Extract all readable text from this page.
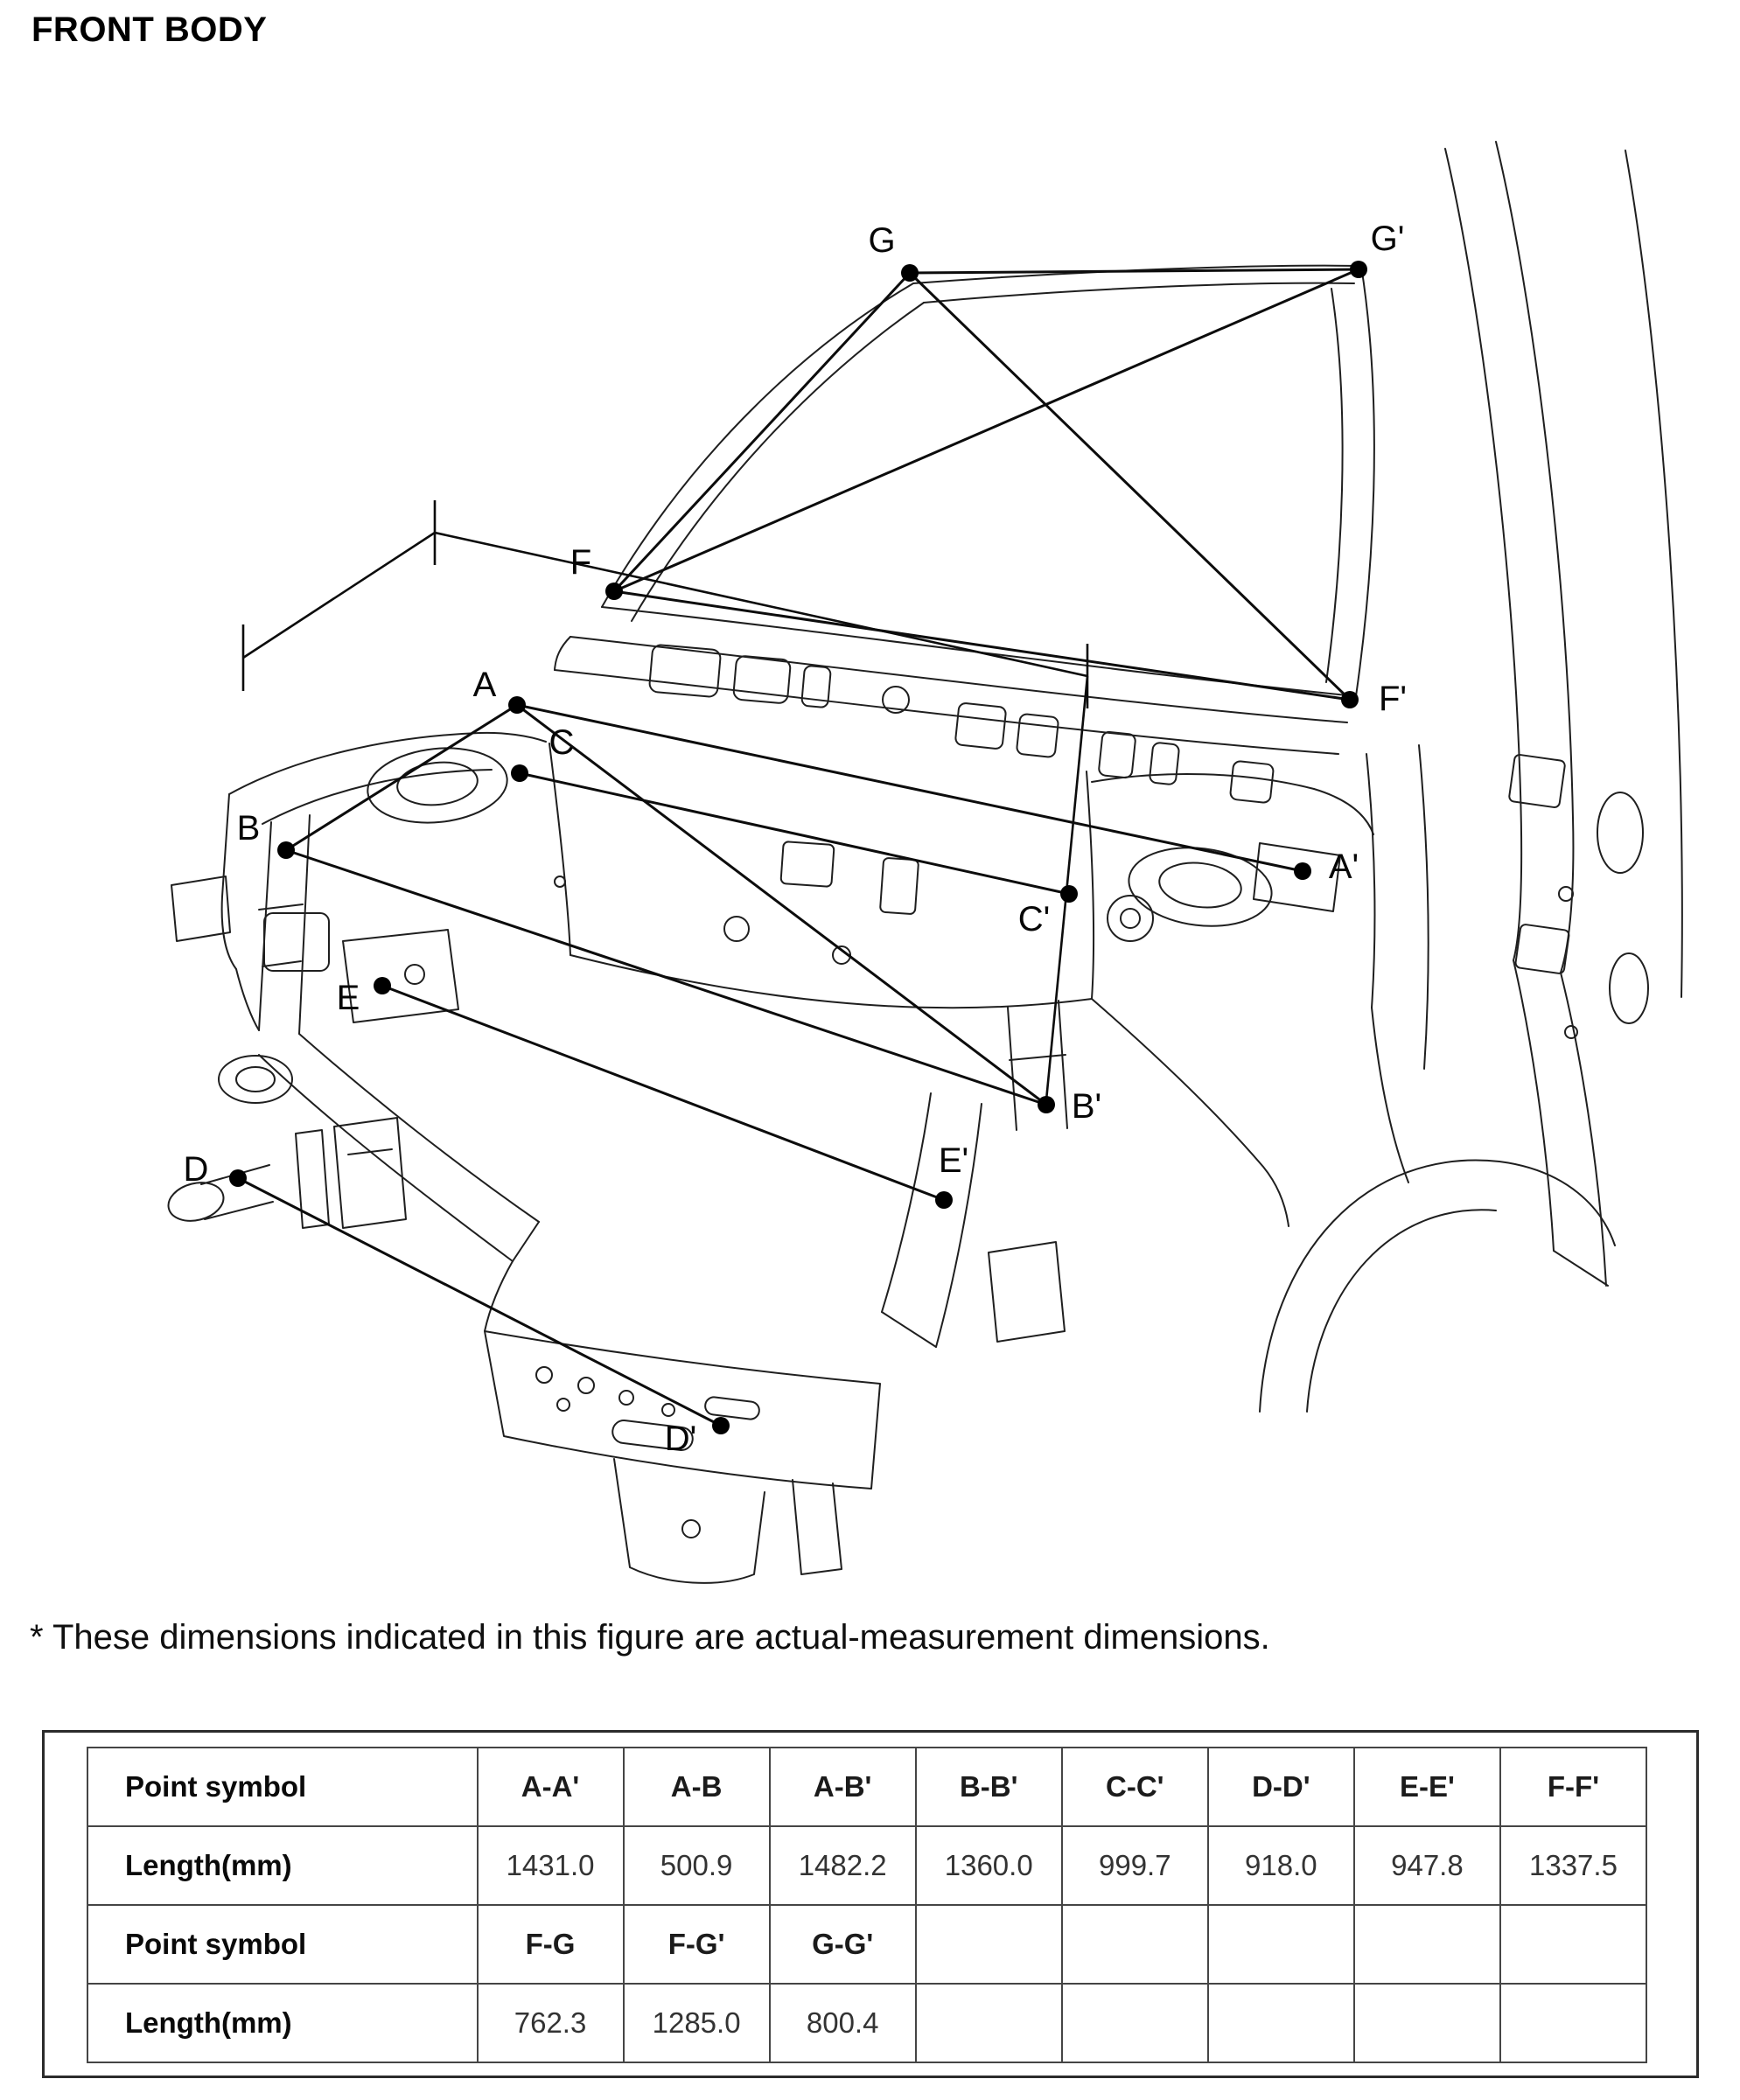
FRONT BODY
G	G'
F
F'
A
A'
B
B'
C
C'
D
D'
E
E'

* These dimensions indicated in this figure are actual-measurement dimensions.

Point symbol	A-A'	A-B	A-B'	B-B'	C-C'	D-D'	E-E'	F-F'
Length(mm)	1431.0	500.9	1482.2	1360.0	999.7	918.0	947.8	1337.5
Point symbol	F-G	F-G'	G-G'					
Length(mm)	762.3	1285.0	800.4					
